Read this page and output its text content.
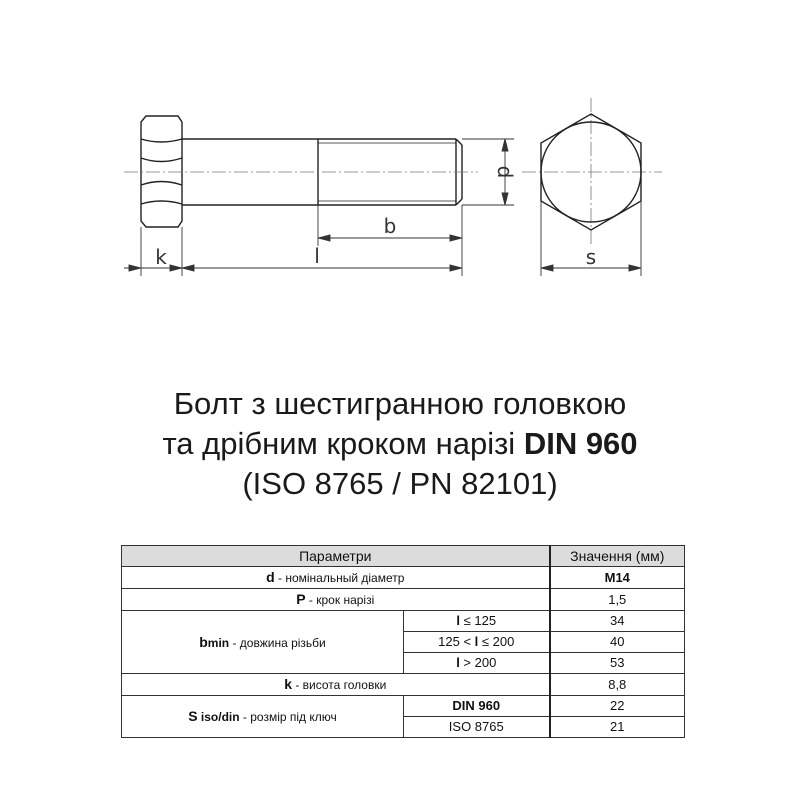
b
l
k	s
d
Болт з шестигранною головкою
та дрібним кроком нарізі DIN 960
(ISO 8765 / PN 82101)
Параметри		Значення (мм)
d - номінальный діаметр		M14
P - крок нарізі		1,5
bmin - довжина різьби	l ≤ 125	34
	125 < l ≤ 200	40
	l > 200	53
k - висота головки		8,8
S iso/din - розмір під ключ	DIN 960	22
	ISO 8765	21
